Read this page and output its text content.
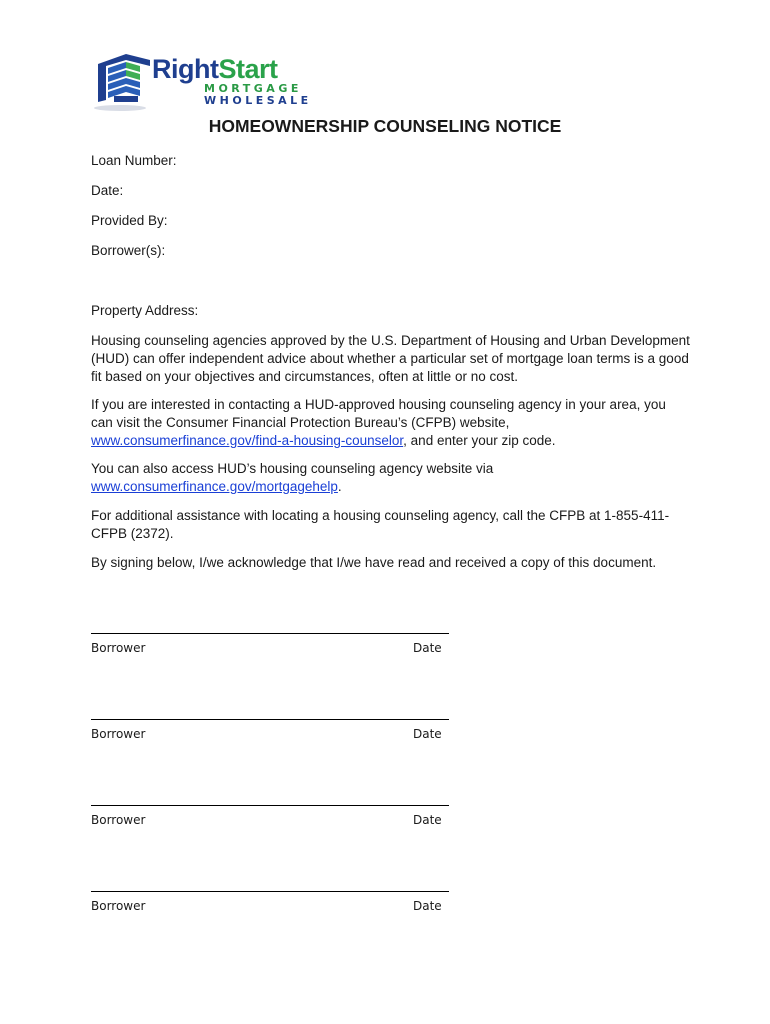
RightStart
MORTGAGE
WHOLESALE
HOMEOWNERSHIP COUNSELING NOTICE
Loan Number:
Date:
Provided By:
Borrower(s):
Property Address:
Housing counseling agencies approved by the U.S. Department of Housing and Urban Development (HUD) can offer independent advice about whether a particular set of mortgage loan terms is a good fit based on your objectives and circumstances, often at little or no cost.
If you are interested in contacting a HUD-approved housing counseling agency in your area, you can visit the Consumer Financial Protection Bureau’s (CFPB) website, www.consumerfinance.gov/find-a-housing-counselor, and enter your zip code.
You can also access HUD’s housing counseling agency website via www.consumerfinance.gov/mortgagehelp.
For additional assistance with locating a housing counseling agency, call the CFPB at 1-855-411-CFPB (2372).
By signing below, I/we acknowledge that I/we have read and received a copy of this document.
Borrower	Date
Borrower	Date
Borrower	Date
Borrower	Date
